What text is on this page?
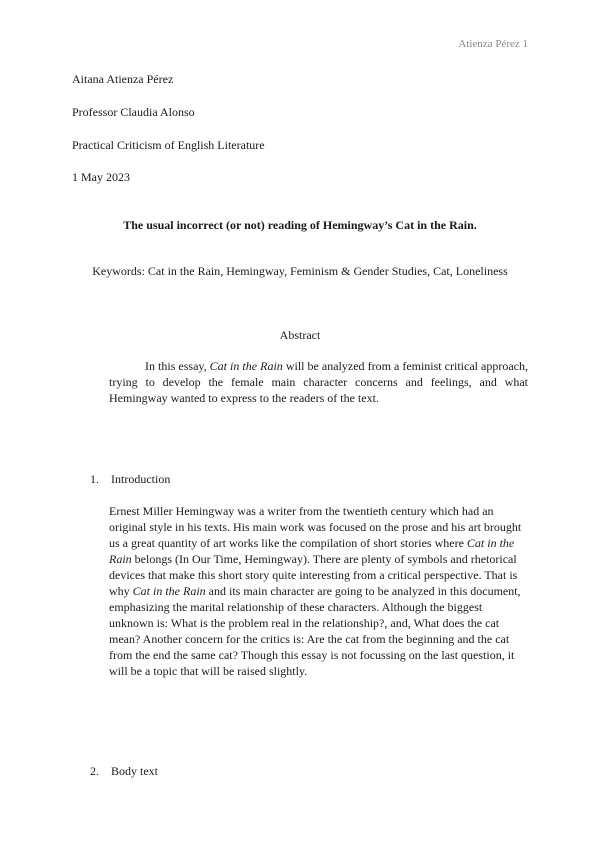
Atienza Pérez 1
Aitana Atienza Pérez
Professor Claudia Alonso
Practical Criticism of English Literature
1 May 2023
The usual incorrect (or not) reading of Hemingway’s Cat in the Rain.
Keywords: Cat in the Rain, Hemingway, Feminism & Gender Studies, Cat, Loneliness
Abstract

In this essay, Cat in the Rain will be analyzed from a feminist critical approach, trying to develop the female main character concerns and feelings, and what Hemingway wanted to express to the readers of the text.

1. Introduction

Ernest Miller Hemingway was a writer from the twentieth century which had an original style in his texts. His main work was focused on the prose and his art brought us a great quantity of art works like the compilation of short stories where Cat in the Rain belongs (In Our Time, Hemingway). There are plenty of symbols and rhetorical devices that make this short story quite interesting from a critical perspective. That is why Cat in the Rain and its main character are going to be analyzed in this document, emphasizing the marital relationship of these characters. Although the biggest unknown is: What is the problem real in the relationship?, and, What does the cat mean? Another concern for the critics is: Are the cat from the beginning and the cat from the end the same cat? Though this essay is not focussing on the last question, it will be a topic that will be raised slightly.

2. Body text
